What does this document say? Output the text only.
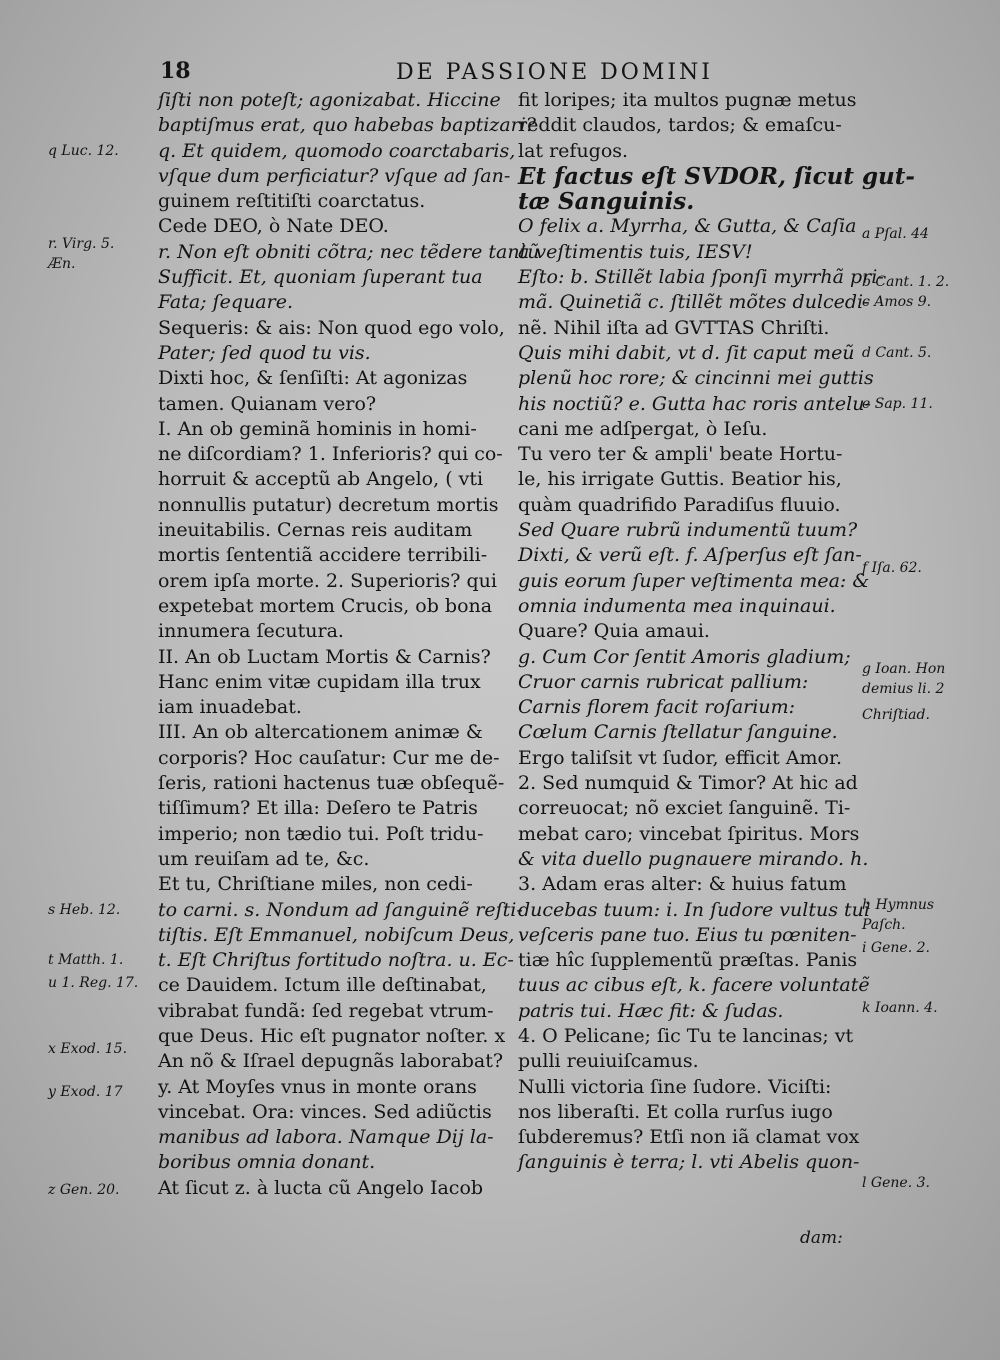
18	DE PASSIONE DOMINI
ſiſti non poteſt; agonizabat. Hiccine
baptiſmus erat, quo habebas baptizari?
q. Et quidem, quomodo coarctabaris,
vſque dum perficiatur? vſque ad ſan-
guinem reſtitiſti coarctatus.
Cede DEO, ò Nate DEO.
r. Non eſt obniti cõtra; nec tẽdere tantũ
Sufficit. Et, quoniam ſuperant tua
Fata; ſequare.
Sequeris: & ais: Non quod ego volo,
Pater; ſed quod tu vis.
Dixti hoc, & ſenſiſti: At agonizas
tamen. Quianam vero?
I. An ob geminã hominis in homi-
ne diſcordiam? 1. Inferioris? qui co-
horruit & acceptũ ab Angelo, ( vti
nonnullis putatur) decretum mortis
ineuitabilis. Cernas reis auditam
mortis ſententiã accidere terribili-
orem ipſa morte. 2. Superioris? qui
expetebat mortem Crucis, ob bona
innumera ſecutura.
II. An ob Luctam Mortis & Carnis?
Hanc enim vitæ cupidam illa trux
iam inuadebat.
III. An ob altercationem animæ &
corporis? Hoc cauſatur: Cur me de-
ſeris, rationi hactenus tuæ obſequẽ-
tiſſimum? Et illa: Deſero te Patris
imperio; non tædio tui. Poſt tridu-
um reuiſam ad te, &c.
Et tu, Chriſtiane miles, non cedi-
to carni. s. Nondum ad ſanguinẽ reſti-
tiſtis. Eſt Emmanuel, nobiſcum Deus,
t. Eſt Chriſtus fortitudo noſtra. u. Ec-
ce Dauidem. Ictum ille deſtinabat,
vibrabat fundã: ſed regebat vtrum-
que Deus. Hic eſt pugnator noſter. x
An nõ & Iſrael depugnãs laborabat?
y. At Moyſes vnus in monte orans
vincebat. Ora: vinces. Sed adiũctis
manibus ad labora. Namque Dij la-
boribus omnia donant.
At ſicut z. à lucta cũ Angelo Iacob
fit loripes; ita multos pugnæ metus
reddit claudos, tardos; & emaſcu-
lat refugos.
Et factus eſt SVDOR, ſicut gut-
tæ Sanguinis.
O felix a. Myrrha, & Gutta, & Caſia
à veſtimentis tuis, IESV!
Eſto: b. Stillẽt labia ſponſi myrrhã pri-
mã. Quinetiã c. ſtillẽt mõtes dulcedi-
nẽ. Nihil iſta ad GVTTAS Chriſti.
Quis mihi dabit, vt d. ſit caput meũ
plenũ hoc rore; & cincinni mei guttis
his noctiũ? e. Gutta hac roris antelu-
cani me adſpergat, ò Ieſu.
Tu vero ter & ampli' beate Hortu-
le, his irrigate Guttis. Beatior his,
quàm quadrifido Paradiſus fluuio.
Sed Quare rubrũ indumentũ tuum?
Dixti, & verũ eſt. f. Aſperſus eſt ſan-
guis eorum ſuper veſtimenta mea: &
omnia indumenta mea inquinaui.
Quare? Quia amaui.
g. Cum Cor ſentit Amoris gladium;
Cruor carnis rubricat pallium:
Carnis florem facit roſarium:
Cœlum Carnis ſtellatur ſanguine.
Ergo taliſsit vt ſudor, efficit Amor.
2. Sed numquid & Timor? At hic ad
correuocat; nõ exciet ſanguinẽ. Ti-
mebat caro; vincebat ſpiritus. Mors
& vita duello pugnauere mirando. h.
3. Adam eras alter: & huius fatum
ducebas tuum: i. In ſudore vultus tui
veſceris pane tuo. Eius tu pœniten-
tiæ hîc ſupplementũ præſtas. Panis
tuus ac cibus eſt, k. facere voluntatẽ
patris tui. Hæc fit: & ſudas.
4. O Pelicane; ſic Tu te lancinas; vt
pulli reuiuiſcamus.
Nulli victoria ſine ſudore. Viciſti:
nos liberaſti. Et colla rurſus iugo
ſubderemus? Etſi non iã clamat vox
ſanguinis è terra; l. vti Abelis quon-
q Luc. 12.
r. Virg. 5.
Æn.
s Heb. 12.
t Matth. 1.
u 1. Reg. 17.
x Exod. 15.
y Exod. 17
z Gen. 20.
a Pſal. 44
b Cant. 1. 2.
c Amos 9.
d Cant. 5.
e Sap. 11.
f Iſa. 62.
g Ioan. Hon
demius li. 2
Chriſtiad.
h Hymnus
Paſch.
i Gene. 2.
k Ioann. 4.
l Gene. 3.
dam:
